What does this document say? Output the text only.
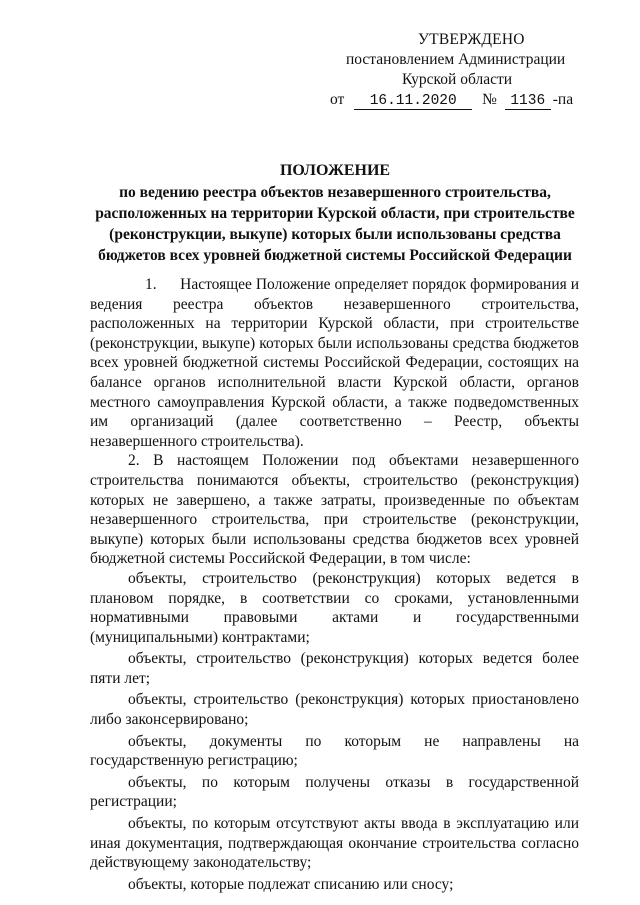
УТВЕРЖДЕНО
постановлением Администрации
Курской области
от 16.11.2020 № 1136 -па
ПОЛОЖЕНИЕ
по ведению реестра объектов незавершенного строительства,
расположенных на территории Курской области, при строительстве
(реконструкции, выкупе) которых были использованы средства
бюджетов всех уровней бюджетной системы Российской Федерации

1.      Настоящее Положение определяет порядок формирования и ведения реестра объектов незавершенного строительства, расположенных на территории Курской области, при строительстве (реконструкции, выкупе) которых были использованы средства бюджетов всех уровней бюджетной системы Российской Федерации, состоящих на балансе органов исполнительной власти Курской области, органов местного самоуправления Курской области, а также подведомственных им организаций (далее соответственно – Реестр, объекты незавершенного строительства).

2. В настоящем Положении под объектами незавершенного строительства понимаются объекты, строительство (реконструкция) которых не завершено, а также затраты, произведенные по объектам незавершенного строительства, при строительстве (реконструкции, выкупе) которых были использованы средства бюджетов всех уровней бюджетной системы Российской Федерации, в том числе:

объекты, строительство (реконструкция) которых ведется в плановом порядке, в соответствии со сроками, установленными нормативными правовыми актами и государственными (муниципальными) контрактами;

объекты, строительство (реконструкция) которых ведется более пяти лет;

объекты, строительство (реконструкция) которых приостановлено либо законсервировано;

объекты, документы по которым не направлены на государственную регистрацию;

объекты, по которым получены отказы в государственной регистрации;

объекты, по которым отсутствуют акты ввода в эксплуатацию или иная документация, подтверждающая окончание строительства согласно действующему законодательству;

объекты, которые подлежат списанию или сносу;
